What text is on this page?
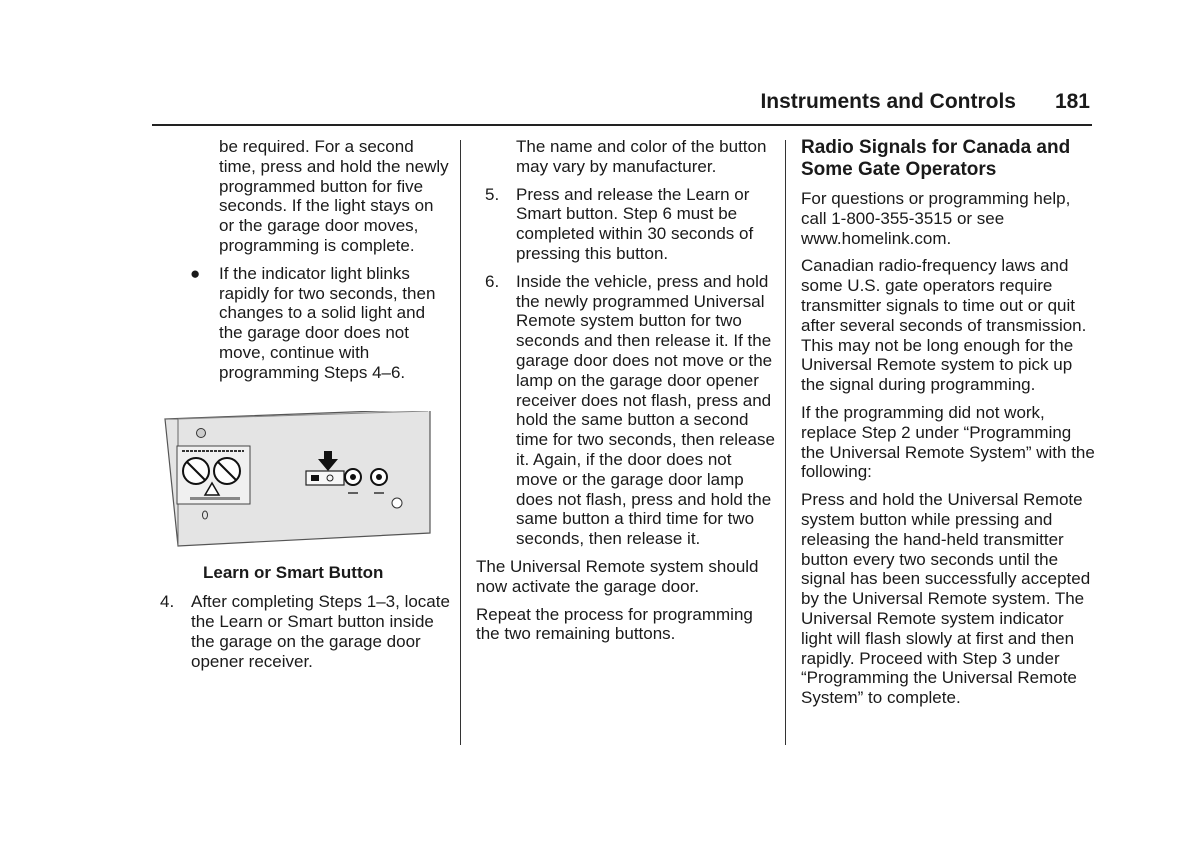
Instruments and Controls 181

be required. For a second time, press and hold the newly programmed button for five seconds. If the light stays on or the garage door moves, programming is complete.

● If the indicator light blinks rapidly for two seconds, then changes to a solid light and the garage door does not move, continue with programming Steps 4–6.
Learn or Smart Button
4. After completing Steps 1–3, locate the Learn or Smart button inside the garage on the garage door opener receiver.

The name and color of the button may vary by manufacturer.

5. Press and release the Learn or Smart button. Step 6 must be completed within 30 seconds of pressing this button.
6. Inside the vehicle, press and hold the newly programmed Universal Remote system button for two seconds and then release it. If the garage door does not move or the lamp on the garage door opener receiver does not flash, press and hold the same button a second time for two seconds, then release it. Again, if the door does not move or the garage door lamp does not flash, press and hold the same button a third time for two seconds, then release it.

The Universal Remote system should now activate the garage door.

Repeat the process for programming the two remaining buttons.

Radio Signals for Canada and Some Gate Operators

For questions or programming help, call 1-800-355-3515 or see www.homelink.com.

Canadian radio-frequency laws and some U.S. gate operators require transmitter signals to time out or quit after several seconds of transmission. This may not be long enough for the Universal Remote system to pick up the signal during programming.

If the programming did not work, replace Step 2 under “Programming the Universal Remote System” with the following:

Press and hold the Universal Remote system button while pressing and releasing the hand-held transmitter button every two seconds until the signal has been successfully accepted by the Universal Remote system. The Universal Remote system indicator light will flash slowly at first and then rapidly. Proceed with Step 3 under “Programming the Universal Remote System” to complete.
